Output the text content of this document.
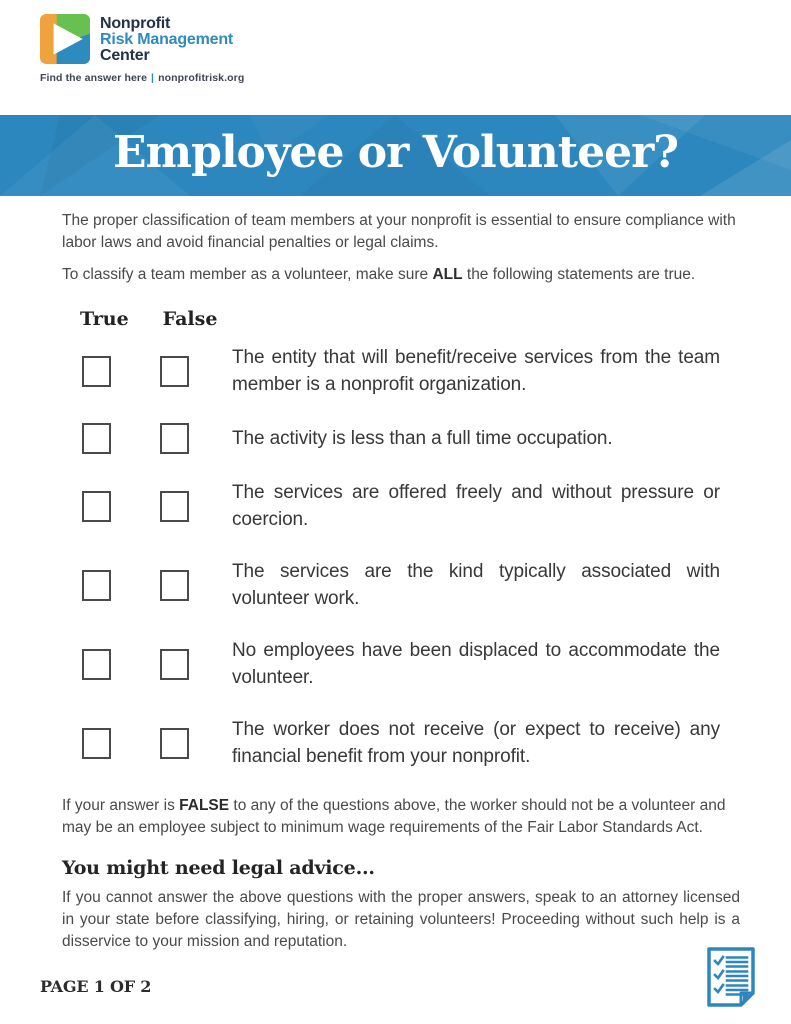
Nonprofit
Risk Management
Center
Find the answer here | nonprofitrisk.org
Employee or Volunteer?

The proper classification of team members at your nonprofit is essential to ensure compliance with labor laws and avoid financial penalties or legal claims.

To classify a team member as a volunteer, make sure ALL the following statements are true.

True False
The entity that will benefit/receive services from the team member is a nonprofit organization.
The activity is less than a full time occupation.
The services are offered freely and without pressure or coercion.
The services are the kind typically associated with volunteer work.
No employees have been displaced to accommodate the volunteer.
The worker does not receive (or expect to receive) any financial benefit from your nonprofit.

If your answer is FALSE to any of the questions above, the worker should not be a volunteer and may be an employee subject to minimum wage requirements of the Fair Labor Standards Act.

You might need legal advice...

If you cannot answer the above questions with the proper answers, speak to an attorney licensed in your state before classifying, hiring, or retaining volunteers! Proceeding without such help is a disservice to your mission and reputation.

PAGE 1 OF 2
